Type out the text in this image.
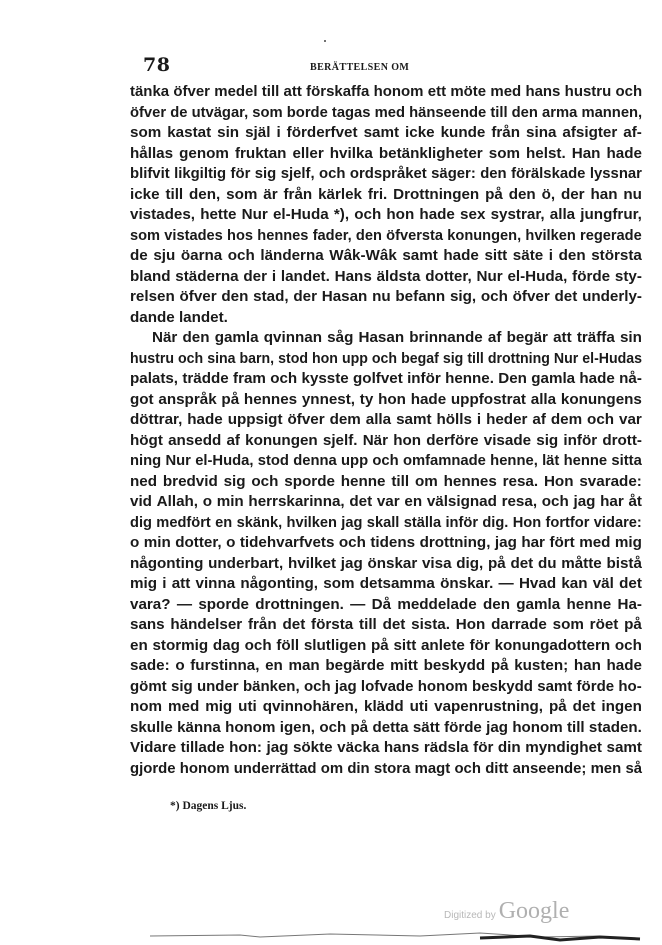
78	BERÄTTELSEN OM
tänka öfver medel till att förskaffa honom ett möte med hans hustru och
öfver de utvägar, som borde tagas med hänseende till den arma mannen,
som kastat sin själ i förderfvet samt icke kunde från sina afsigter af-
hållas genom fruktan eller hvilka betänkligheter som helst. Han hade
blifvit likgiltig för sig sjelf, och ordspråket säger: den förälskade lyssnar
icke till den, som är från kärlek fri. Drottningen på den ö, der han nu
vistades, hette Nur el-Huda *), och hon hade sex systrar, alla jungfrur,
som vistades hos hennes fader, den öfversta konungen, hvilken regerade
de sju öarna och länderna Wâk-Wâk samt hade sitt säte i den största
bland städerna der i landet. Hans äldsta dotter, Nur el-Huda, förde sty-
relsen öfver den stad, der Hasan nu befann sig, och öfver det underly-
dande landet.
När den gamla qvinnan såg Hasan brinnande af begär att träffa sin
hustru och sina barn, stod hon upp och begaf sig till drottning Nur el-Hudas
palats, trädde fram och kysste golfvet inför henne. Den gamla hade nå-
got anspråk på hennes ynnest, ty hon hade uppfostrat alla konungens
döttrar, hade uppsigt öfver dem alla samt hölls i heder af dem och var
högt ansedd af konungen sjelf. När hon derföre visade sig inför drott-
ning Nur el-Huda, stod denna upp och omfamnade henne, lät henne sitta
ned bredvid sig och sporde henne till om hennes resa. Hon svarade:
vid Allah, o min herrskarinna, det var en välsignad resa, och jag har åt
dig medfört en skänk, hvilken jag skall ställa inför dig. Hon fortfor vidare:
o min dotter, o tidehvarfvets och tidens drottning, jag har fört med mig
någonting underbart, hvilket jag önskar visa dig, på det du måtte bistå
mig i att vinna någonting, som detsamma önskar. — Hvad kan väl det
vara? — sporde drottningen. — Då meddelade den gamla henne Ha-
sans händelser från det första till det sista. Hon darrade som röet på
en stormig dag och föll slutligen på sitt anlete för konungadottern och
sade: o furstinna, en man begärde mitt beskydd på kusten; han hade
gömt sig under bänken, och jag lofvade honom beskydd samt förde ho-
nom med mig uti qvinnohären, klädd uti vapenrustning, på det ingen
skulle känna honom igen, och på detta sätt förde jag honom till staden.
Vidare tillade hon: jag sökte väcka hans rädsla för din myndighet samt
gjorde honom underrättad om din stora magt och ditt anseende; men så
*) Dagens Ljus.
Digitized by Google
